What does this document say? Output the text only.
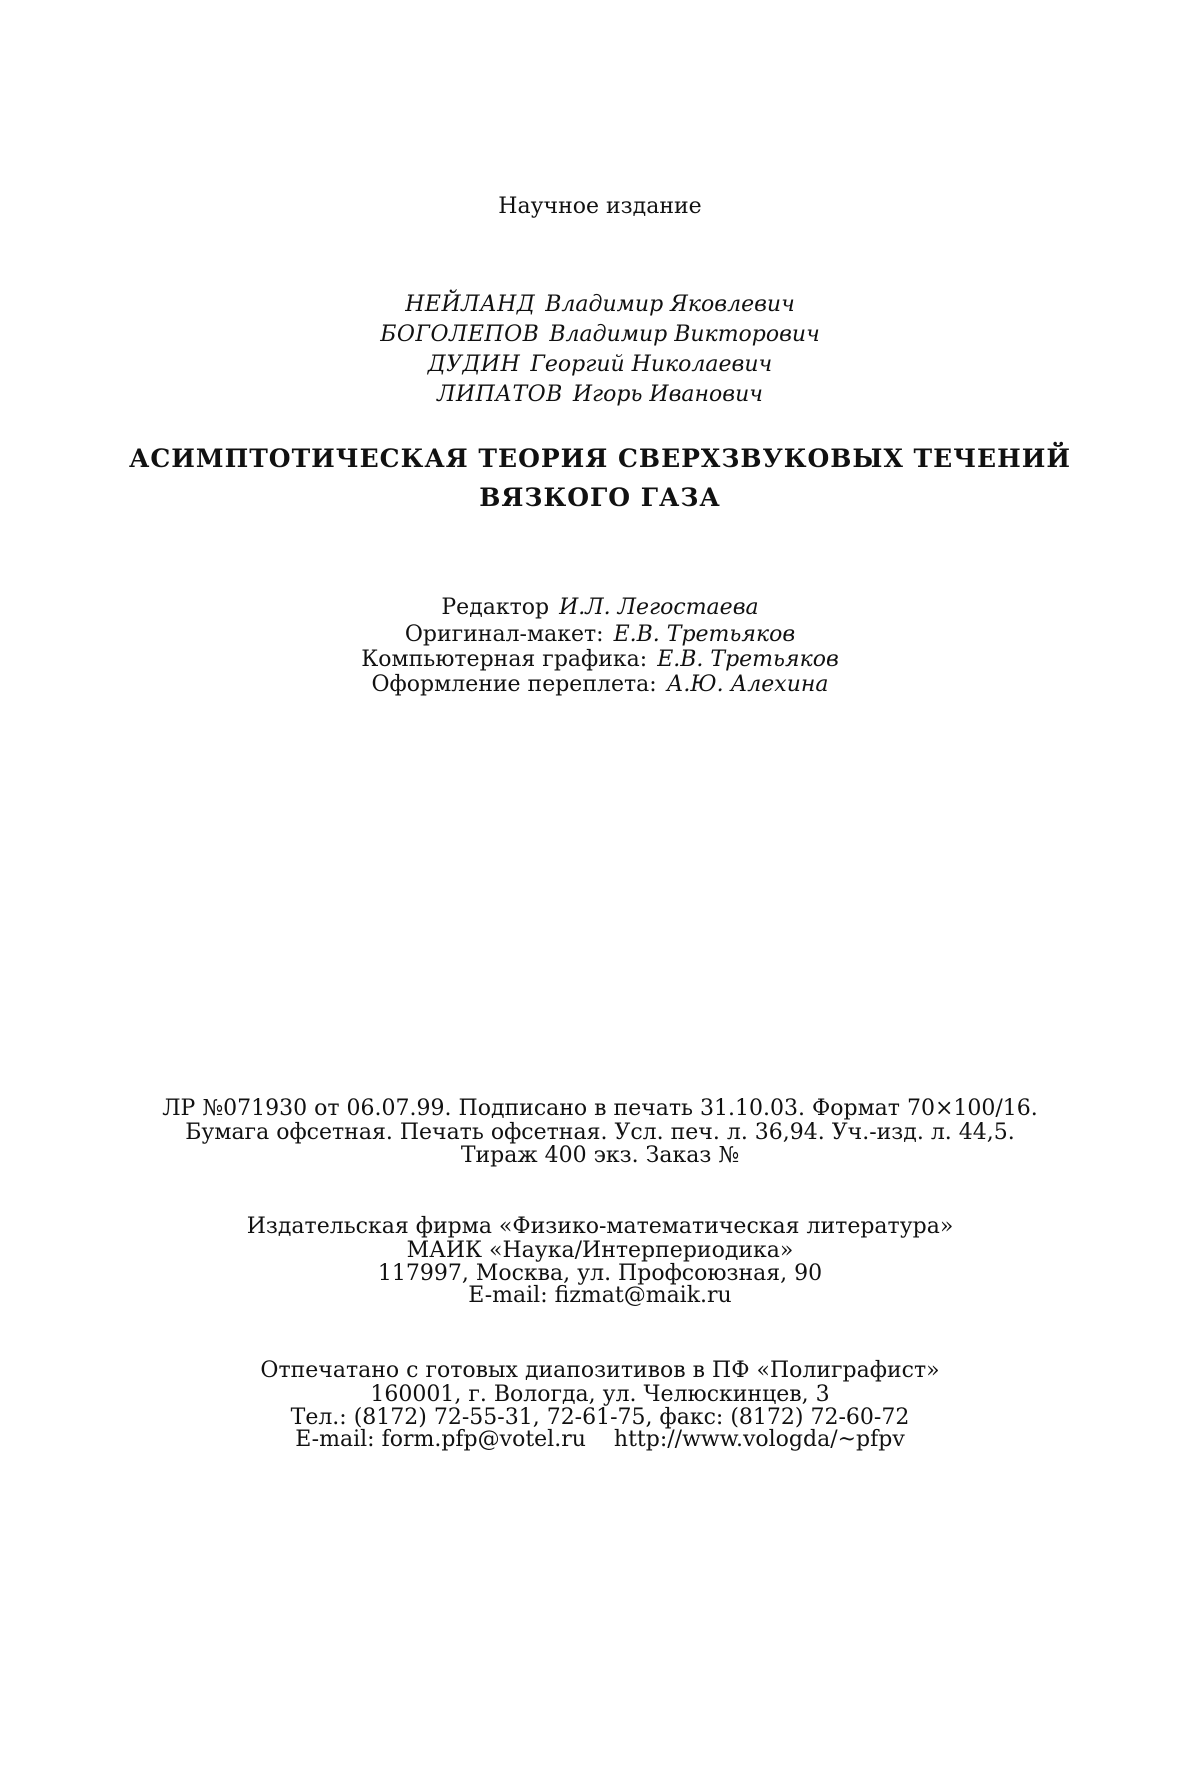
Научное издание
НЕЙЛАНД Владимир Яковлевич
БОГОЛЕПОВ Владимир Викторович
ДУДИН Георгий Николаевич
ЛИПАТОВ Игорь Иванович
АСИМПТОТИЧЕСКАЯ ТЕОРИЯ СВЕРХЗВУКОВЫХ ТЕЧЕНИЙ
ВЯЗКОГО ГАЗА
Редактор И.Л. Легостаева
Оригинал-макет: Е.В. Третьяков
Компьютерная графика: Е.В. Третьяков
Оформление переплета: А.Ю. Алехина
ЛР №071930 от 06.07.99. Подписано в печать 31.10.03. Формат 70×100/16.
Бумага офсетная. Печать офсетная. Усл. печ. л. 36,94. Уч.-изд. л. 44,5.
Тираж 400 экз. Заказ №
Издательская фирма «Физико-математическая литература»
МАИК «Наука/Интерпериодика»
117997, Москва, ул. Профсоюзная, 90
E-mail: fizmat@maik.ru
Отпечатано с готовых диапозитивов в ПФ «Полиграфист»
160001, г. Вологда, ул. Челюскинцев, 3
Тел.: (8172) 72-55-31, 72-61-75, факс: (8172) 72-60-72
E-mail: form.pfp@votel.ru http://www.vologda/~pfpv
